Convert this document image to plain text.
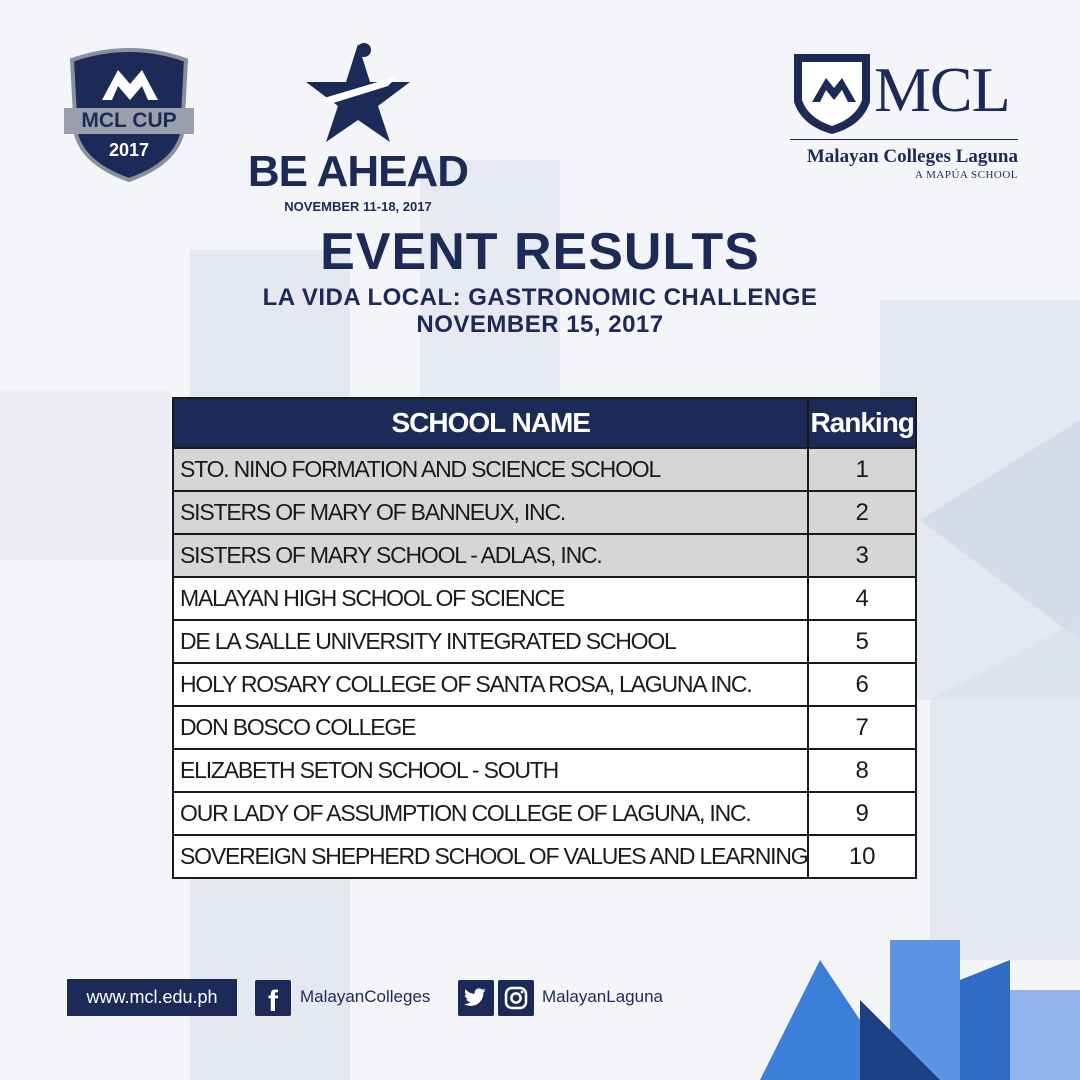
MCL CUP
2017	BE AHEAD
NOVEMBER 11-18, 2017
MCL
Malayan Colleges Laguna
A MAPÚA SCHOOL
EVENT RESULTS
LA VIDA LOCAL: GASTRONOMIC CHALLENGE
NOVEMBER 15, 2017
SCHOOL NAME	Ranking
STO. NINO FORMATION AND SCIENCE SCHOOL	1
SISTERS OF MARY OF BANNEUX, INC.	2
SISTERS OF MARY SCHOOL - ADLAS, INC.	3
MALAYAN HIGH SCHOOL OF SCIENCE	4
DE LA SALLE UNIVERSITY INTEGRATED SCHOOL	5
HOLY ROSARY COLLEGE OF SANTA ROSA, LAGUNA INC.	6
DON BOSCO COLLEGE	7
ELIZABETH SETON SCHOOL - SOUTH	8
OUR LADY OF ASSUMPTION COLLEGE OF LAGUNA, INC.	9
SOVEREIGN SHEPHERD SCHOOL OF VALUES AND LEARNING	10
www.mcl.edu.ph	f	MalayanColleges	MalayanLaguna
